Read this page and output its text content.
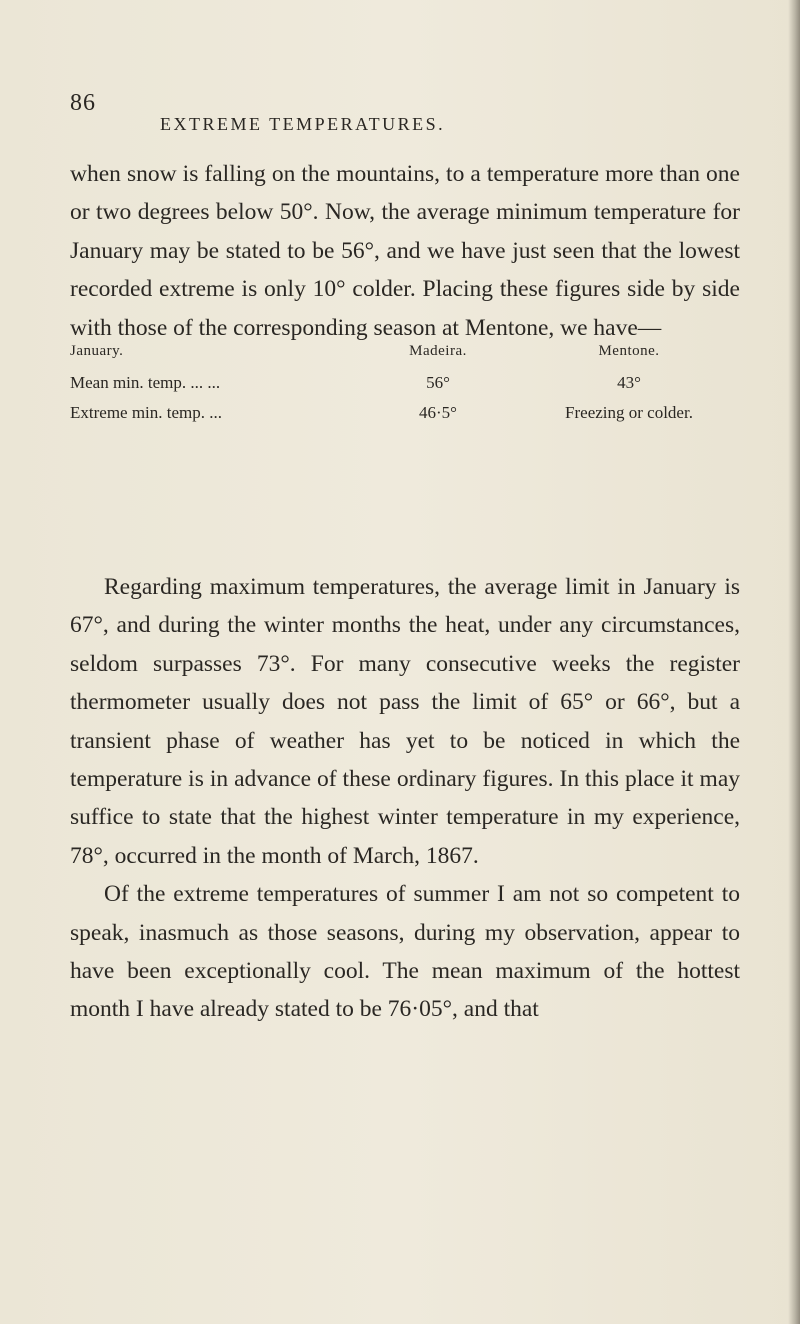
86
EXTREME TEMPERATURES.
when snow is falling on the mountains, to a temperature more than one or two degrees below 50°. Now, the average minimum temperature for January may be stated to be 56°, and we have just seen that the lowest recorded extreme is only 10° colder. Placing these figures side by side with those of the corresponding season at Mentone, we have—
January.	Madeira.	Mentone.
Mean min. temp. ... ...	56°	43°
Extreme min. temp. ...	46·5°	Freezing or colder.
Regarding maximum temperatures, the average limit in January is 67°, and during the winter months the heat, under any circumstances, seldom surpasses 73°. For many consecutive weeks the register thermometer usually does not pass the limit of 65° or 66°, but a transient phase of weather has yet to be noticed in which the temperature is in advance of these ordinary figures. In this place it may suffice to state that the highest winter temperature in my experience, 78°, occurred in the month of March, 1867.
Of the extreme temperatures of summer I am not so competent to speak, inasmuch as those seasons, during my observation, appear to have been exceptionally cool. The mean maximum of the hottest month I have already stated to be 76·05°, and that
